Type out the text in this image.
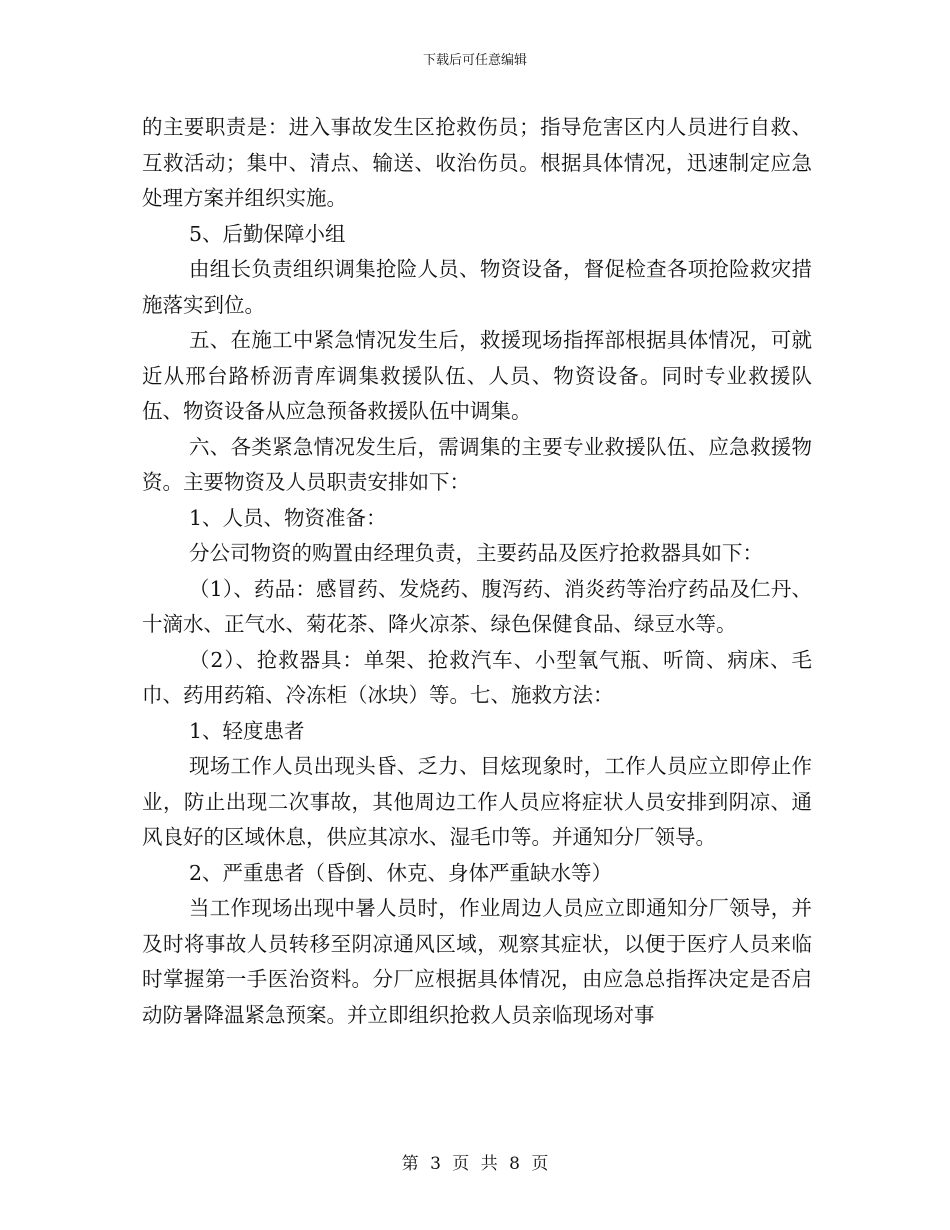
下载后可任意编辑

的主要职责是：进入事故发生区抢救伤员；指导危害区内人员进行自救、互救活动；集中、清点、输送、收治伤员。根据具体情况，迅速制定应急处理方案并组织实施。

5、后勤保障小组

由组长负责组织调集抢险人员、物资设备，督促检查各项抢险救灾措施落实到位。

五、在施工中紧急情况发生后，救援现场指挥部根据具体情况，可就近从邢台路桥沥青库调集救援队伍、人员、物资设备。同时专业救援队伍、物资设备从应急预备救援队伍中调集。

六、各类紧急情况发生后，需调集的主要专业救援队伍、应急救援物资。主要物资及人员职责安排如下：

1、人员、物资准备：

分公司物资的购置由经理负责，主要药品及医疗抢救器具如下：

（1）、药品：感冒药、发烧药、腹泻药、消炎药等治疗药品及仁丹、十滴水、正气水、菊花茶、降火凉茶、绿色保健食品、绿豆水等。

（2）、抢救器具：单架、抢救汽车、小型氧气瓶、听筒、病床、毛巾、药用药箱、冷冻柜（冰块）等。七、施救方法：

1、轻度患者

现场工作人员出现头昏、乏力、目炫现象时，工作人员应立即停止作业，防止出现二次事故，其他周边工作人员应将症状人员安排到阴凉、通风良好的区域休息，供应其凉水、湿毛巾等。并通知分厂领导。

2、严重患者（昏倒、休克、身体严重缺水等）

当工作现场出现中暑人员时，作业周边人员应立即通知分厂领导，并及时将事故人员转移至阴凉通风区域，观察其症状，以便于医疗人员来临时掌握第一手医治资料。分厂应根据具体情况，由应急总指挥决定是否启动防暑降温紧急预案。并立即组织抢救人员亲临现场对事

第 3 页 共 8 页
